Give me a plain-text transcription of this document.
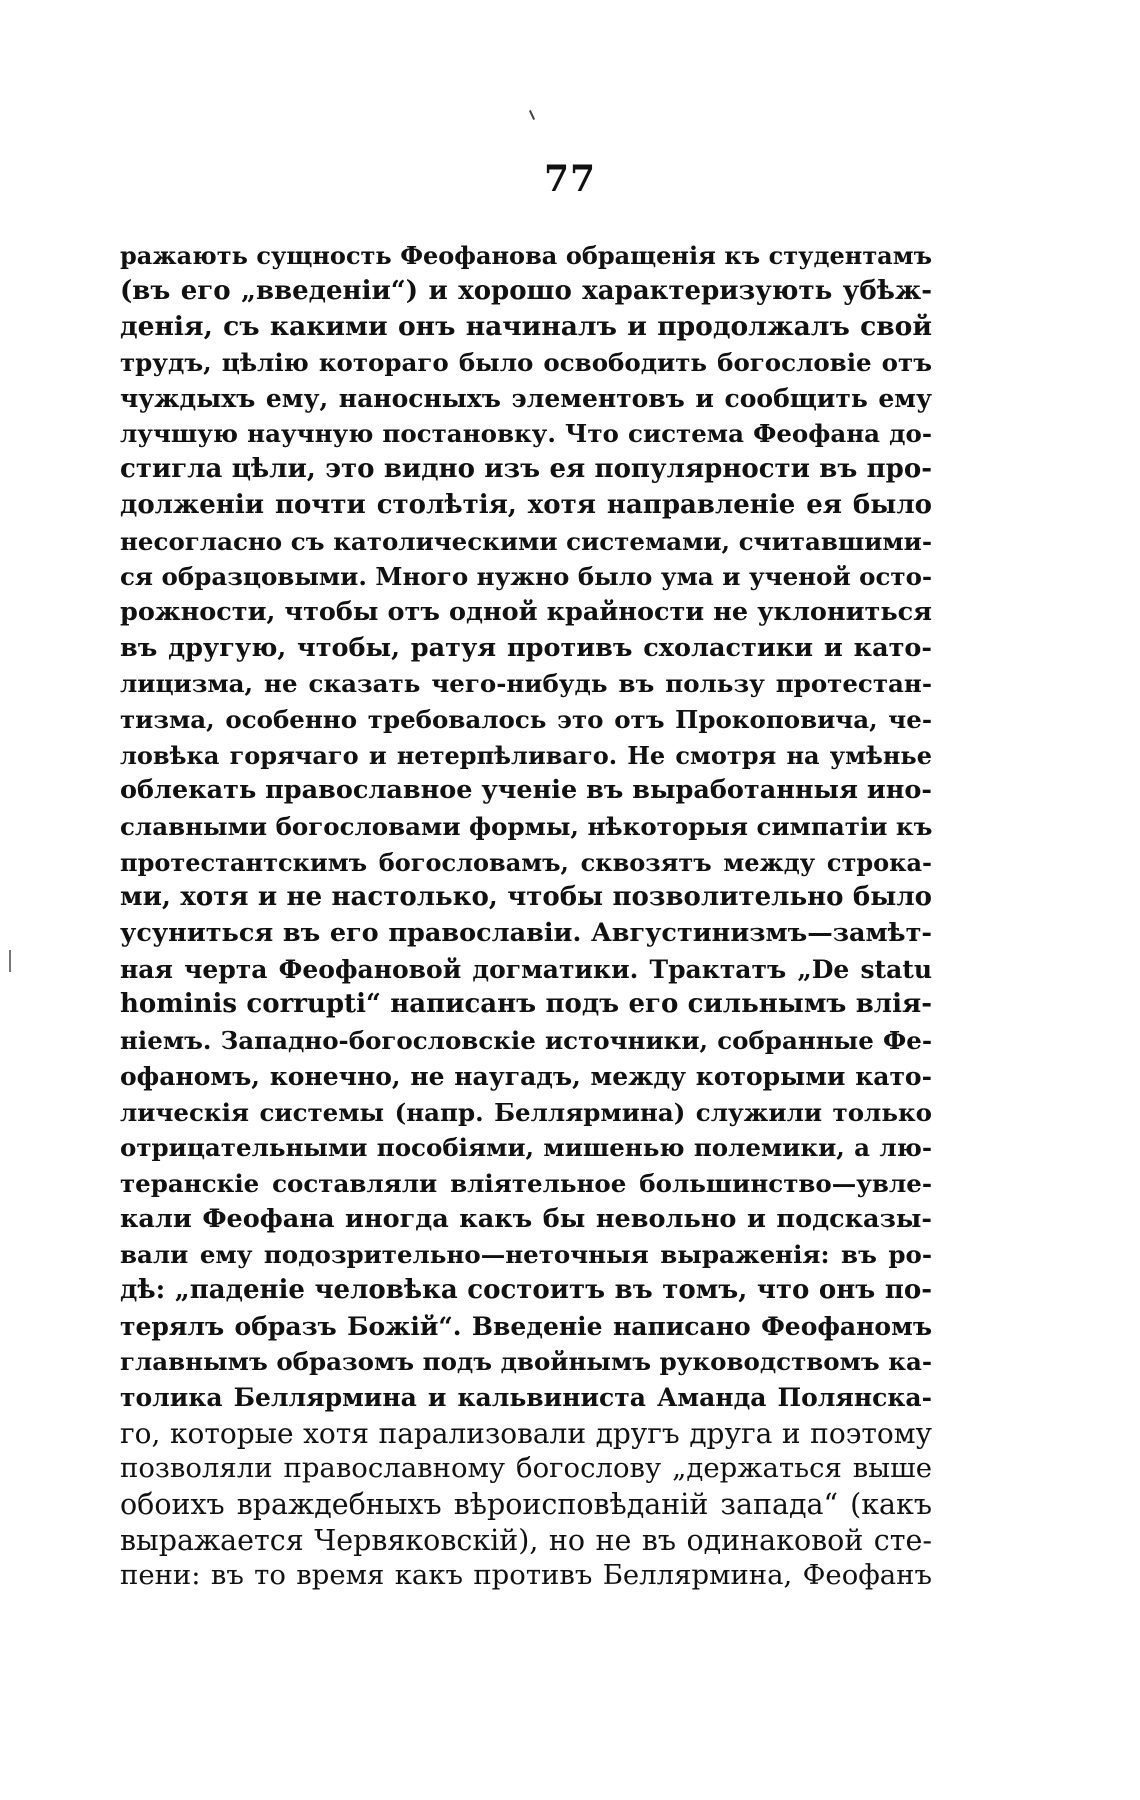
77
ражають сущность Феофанова обращенія къ студентамъ
(въ его „введеніи“) и хорошо характеризують убѣж-
денія, съ какими онъ начиналъ и продолжалъ свой
трудъ, цѣлію котораго было освободить богословіе отъ
чуждыхъ ему, наносныхъ элементовъ и сообщить ему
лучшую научную постановку. Что система Феофана до-
стигла цѣли, это видно изъ ея популярности въ про-
долженіи почти столѣтія, хотя направленіе ея было
несогласно съ католическими системами, считавшими-
ся образцовыми. Много нужно было ума и ученой осто-
рожности, чтобы отъ одной крайности не уклониться
въ другую, чтобы, ратуя противъ схоластики и като-
лицизма, не сказать чего-нибудь въ пользу протестан-
тизма, особенно требовалось это отъ Прокоповича, че-
ловѣка горячаго и нетерпѣливаго. Не смотря на умѣнье
облекать православное ученіе въ выработанныя ино-
славными богословами формы, нѣкоторыя симпатіи къ
протестантскимъ богословамъ, сквозятъ между строка-
ми, хотя и не настолько, чтобы позволительно было
усуниться въ его православіи. Августинизмъ—замѣт-
ная черта Феофановой догматики. Трактатъ „De statu
hominis corrupti“ написанъ подъ его сильнымъ влія-
ніемъ. Западно-богословскіе источники, собранные Фе-
офаномъ, конечно, не наугадъ, между которыми като-
лическія системы (напр. Беллярмина) служили только
отрицательными пособіями, мишенью полемики, а лю-
теранскіе составляли вліятельное большинство—увле-
кали Феофана иногда какъ бы невольно и подсказы-
вали ему подозрительно—неточныя выраженія: въ ро-
дѣ: „паденіе человѣка состоитъ въ томъ, что онъ по-
терялъ образъ Божій“. Введеніе написано Феофаномъ
главнымъ образомъ подъ двойнымъ руководствомъ ка-
толика Беллярмина и кальвиниста Аманда Полянска-
го, которые хотя парализовали другъ друга и поэтому
позволяли православному богослову „держаться выше
обоихъ враждебныхъ вѣроисповѣданій запада“ (какъ
выражается Червяковскій), но не въ одинаковой сте-
пени: въ то время какъ противъ Беллярмина, Феофанъ
